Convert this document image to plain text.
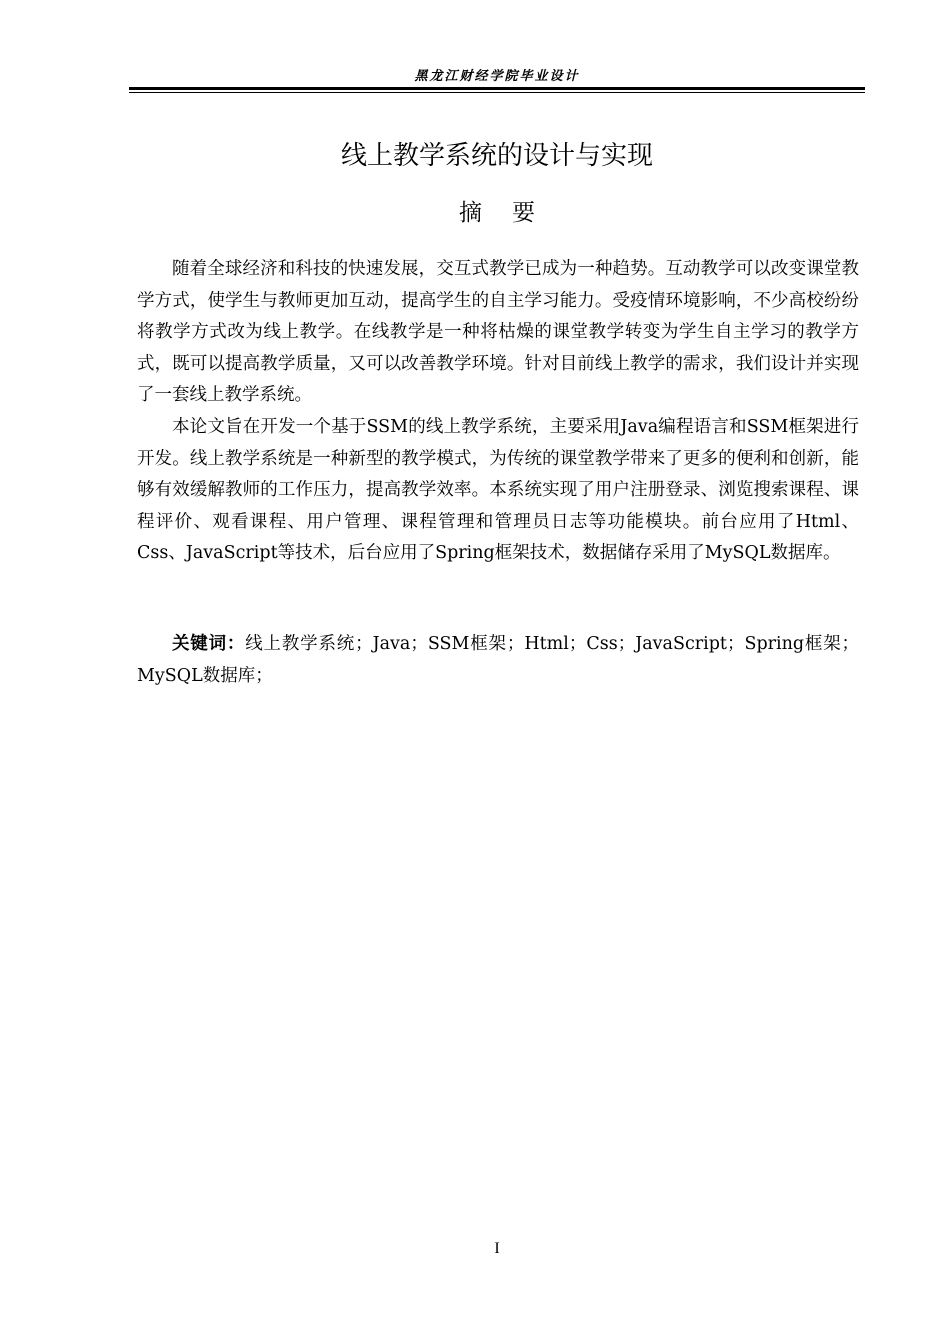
黑龙江财经学院毕业设计
线上教学系统的设计与实现
摘要

随着全球经济和科技的快速发展，交互式教学已成为一种趋势。互动教学可以改变课堂教学方式，使学生与教师更加互动，提高学生的自主学习能力。受疫情环境影响，不少高校纷纷将教学方式改为线上教学。在线教学是一种将枯燥的课堂教学转变为学生自主学习的教学方式，既可以提高教学质量，又可以改善教学环境。针对目前线上教学的需求，我们设计并实现了一套线上教学系统。

本论文旨在开发一个基于SSM的线上教学系统，主要采用Java编程语言和SSM框架进行开发。线上教学系统是一种新型的教学模式，为传统的课堂教学带来了更多的便利和创新，能够有效缓解教师的工作压力，提高教学效率。本系统实现了用户注册登录、浏览搜索课程、课程评价、观看课程、用户管理、课程管理和管理员日志等功能模块。前台应用了Html、Css、JavaScript等技术，后台应用了Spring框架技术，数据储存采用了MySQL数据库。

关键词：线上教学系统；Java；SSM框架；Html；Css；JavaScript；Spring框架；MySQL数据库；
I
